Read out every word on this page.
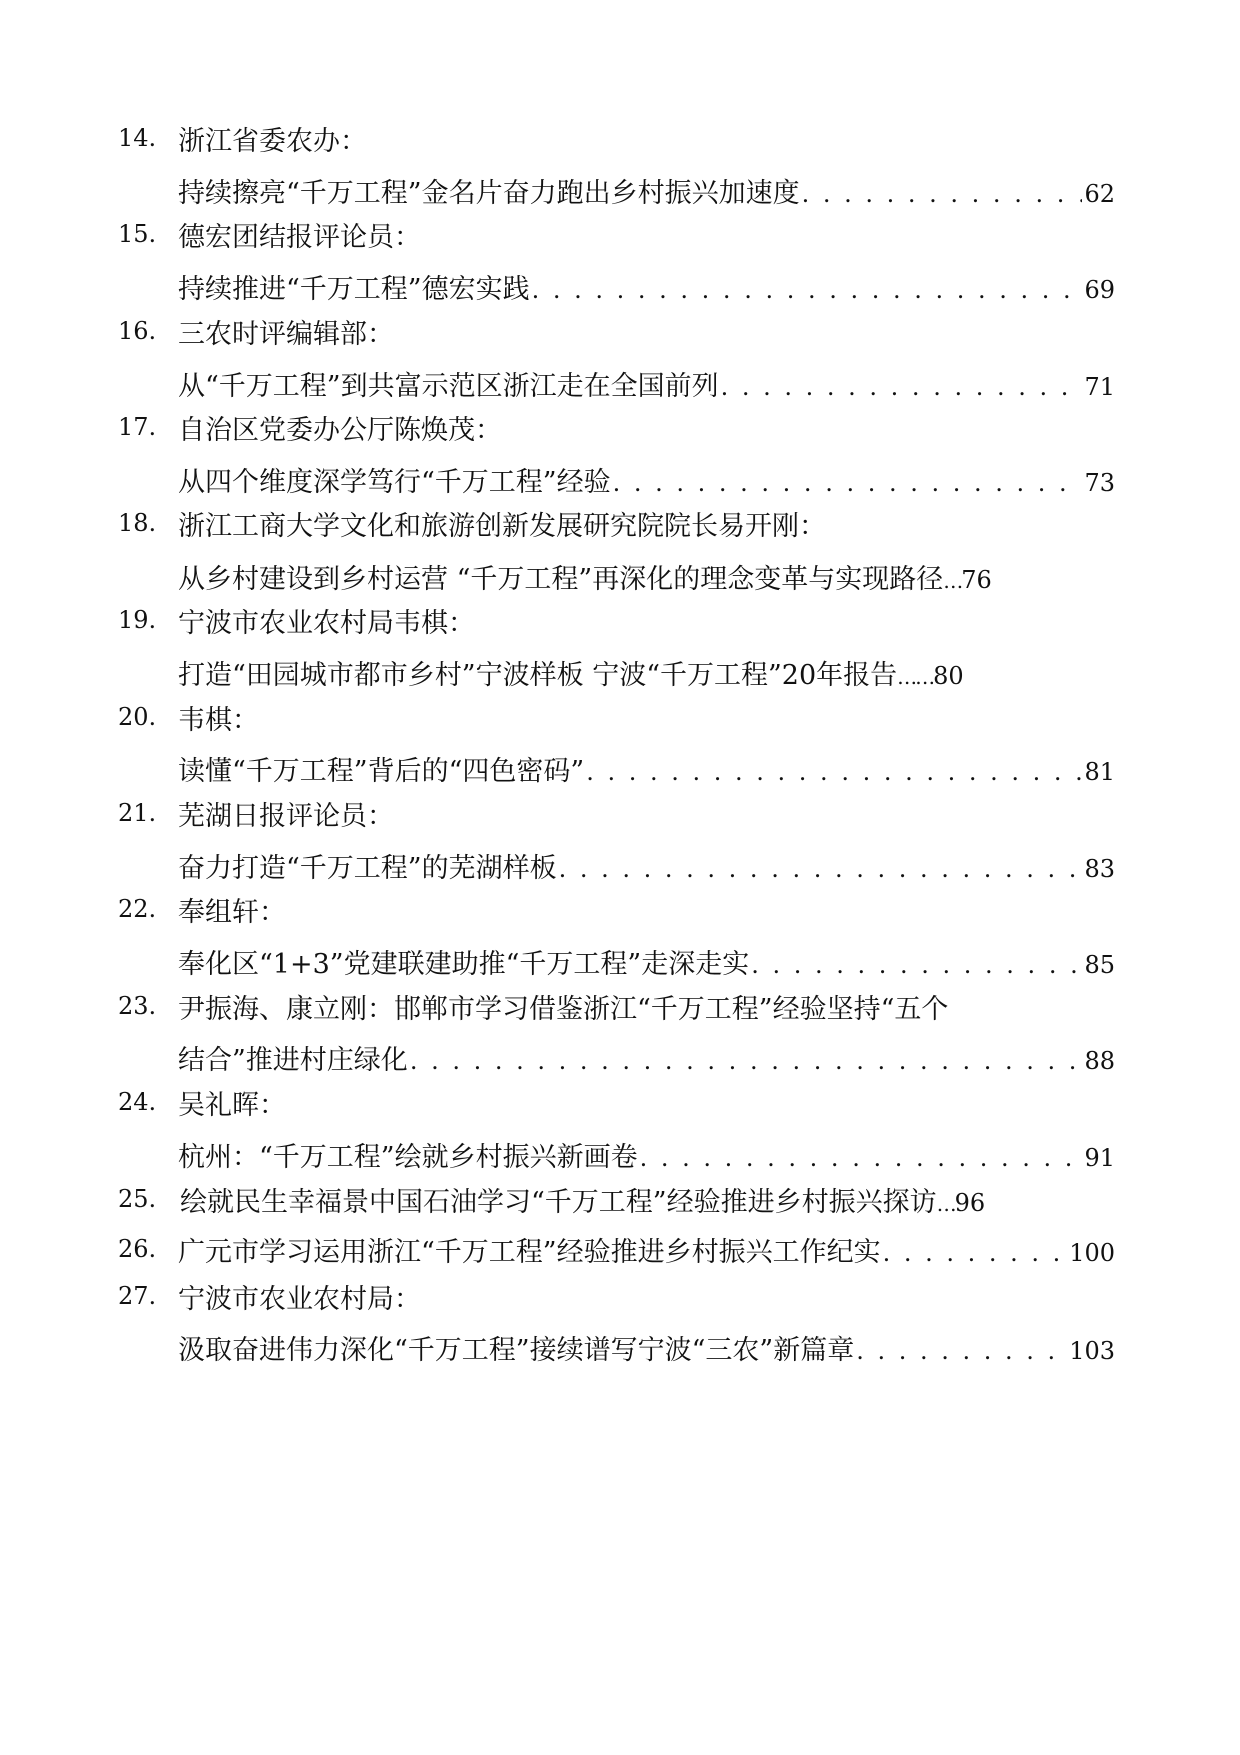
14. 浙江省委农办：
持续擦亮“千万工程”金名片奋力跑出乡村振兴加速度 . . .	62
15. 德宏团结报评论员：
持续推进“千万工程”德宏实践 . . .	69
16. 三农时评编辑部：
从“千万工程”到共富示范区浙江走在全国前列 . . .	71
17. 自治区党委办公厅陈焕茂：
从四个维度深学笃行“千万工程”经验 . . .	73
18. 浙江工商大学文化和旅游创新发展研究院院长易开刚：
从乡村建设到乡村运营 “千万工程”再深化的理念变革与实现路径 … 76
19. 宁波市农业农村局韦棋：
打造“田园城市都市乡村”宁波样板 宁波“千万工程”20年报告 …… 80
20. 韦棋：
读懂“千万工程”背后的“四色密码” . . .	81
21. 芜湖日报评论员：
奋力打造“千万工程”的芜湖样板 . . .	83
22. 奉组轩：
奉化区“1+3”党建联建助推“千万工程”走深走实 . . .	85
23. 尹振海、康立刚：邯郸市学习借鉴浙江“千万工程”经验坚持“五个
结合”推进村庄绿化 . . .	88
24. 吴礼晖：
杭州：“千万工程”绘就乡村振兴新画卷 . . .	91
25. 绘就民生幸福景中国石油学习“千万工程”经验推进乡村振兴探访 … 96
26. 广元市学习运用浙江“千万工程”经验推进乡村振兴工作纪实 . . .	100
27. 宁波市农业农村局：
汲取奋进伟力深化“千万工程”接续谱写宁波“三农”新篇章 . . .	103
